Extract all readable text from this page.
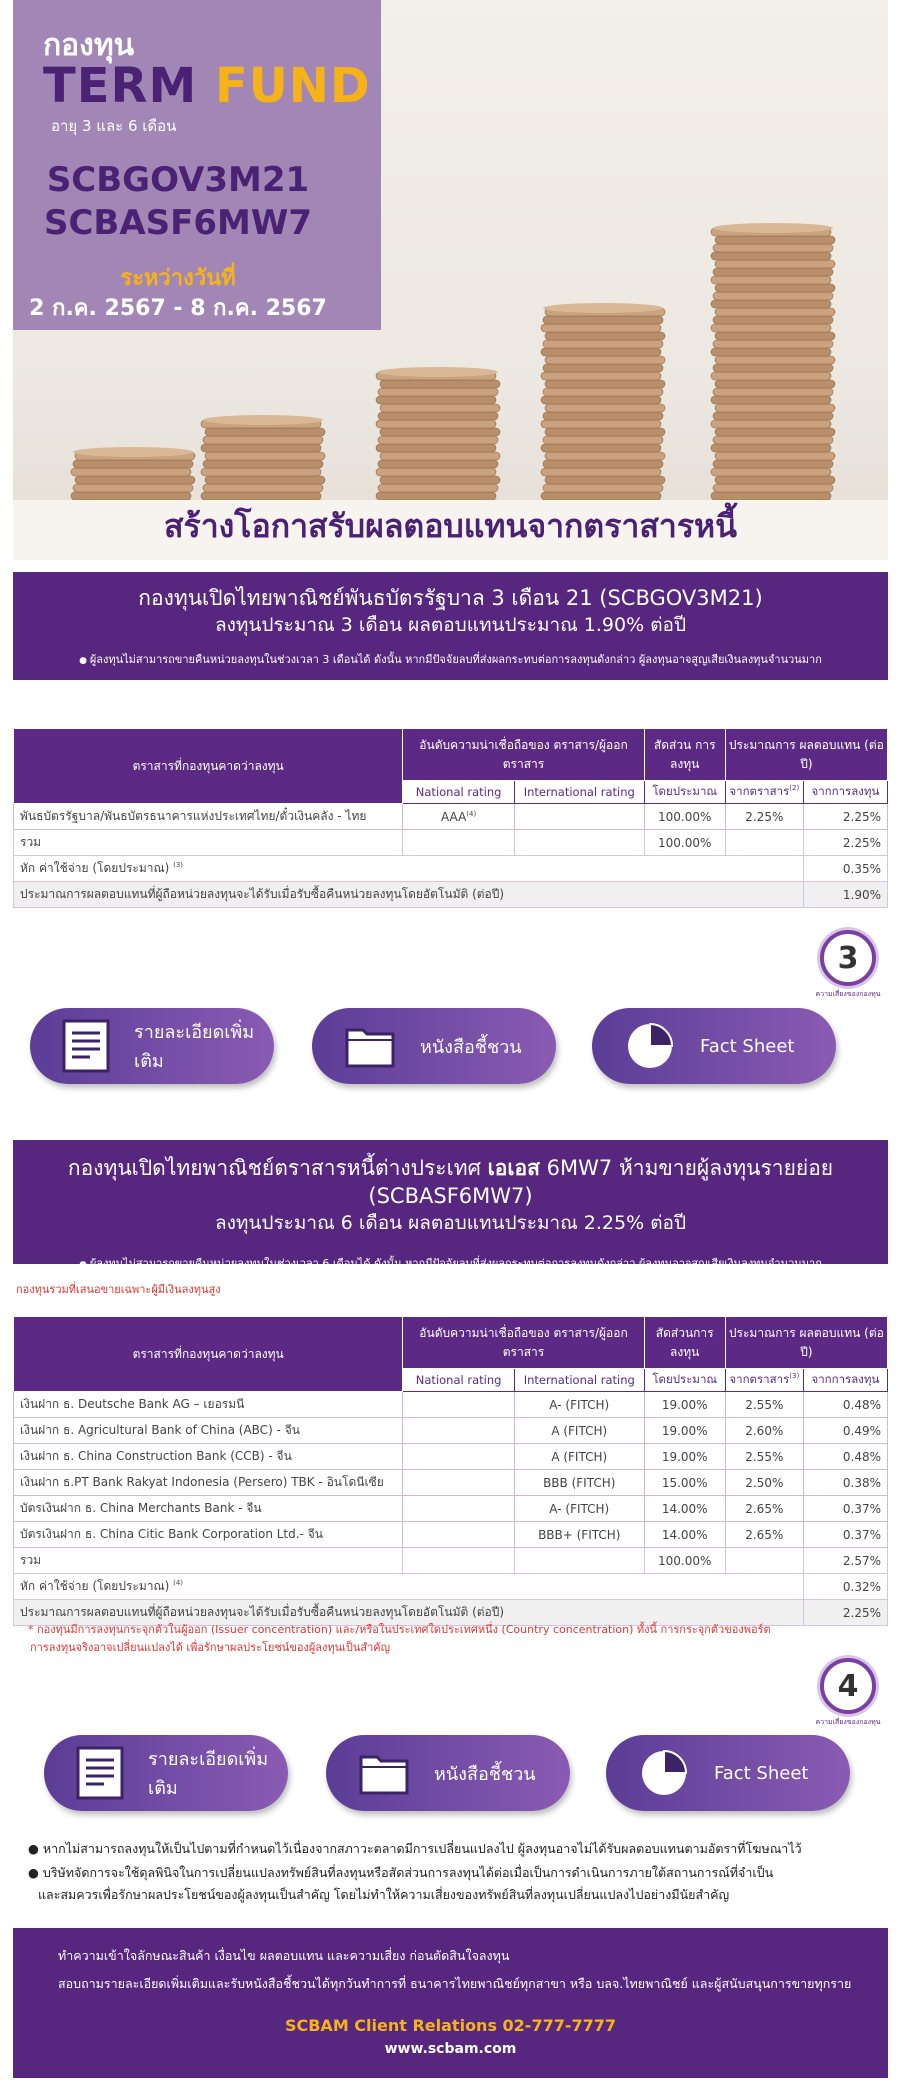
กองทุน
TERM FUND
อายุ 3 และ 6 เดือน
SCBGOV3M21
SCBASF6MW7
ระหว่างวันที่
2 ก.ค. 2567 - 8 ก.ค. 2567
สร้างโอกาสรับผลตอบแทนจากตราสารหนี้
กองทุนเปิดไทยพาณิชย์พันธบัตรรัฐบาล 3 เดือน 21 (SCBGOV3M21)
ลงทุนประมาณ 3 เดือน ผลตอบแทนประมาณ 1.90% ต่อปี
● ผู้ลงทุนไม่สามารถขายคืนหน่วยลงทุนในช่วงเวลา 3 เดือนได้ ดังนั้น หากมีปัจจัยลบที่ส่งผลกระทบต่อการลงทุนดังกล่าว ผู้ลงทุนอาจสูญเสียเงินลงทุนจำนวนมาก
ตราสารที่กองทุนคาดว่าลงทุน	อันดับความน่าเชื่อถือของ ตราสาร/ผู้ออกตราสาร		สัดส่วน การลงทุน	ประมาณการ ผลตอบแทน (ต่อปี)	
	National rating	International rating	โดยประมาณ	จากตราสาร$^{(2)}$	จากการลงทุน
พันธบัตรรัฐบาล/พันธบัตรธนาคารแห่งประเทศไทย/ตั๋วเงินคลัง - ไทย	AAA$^{(4)}$		100.00%	2.25%	2.25%
รวม			100.00%		2.25%
หัก ค่าใช้จ่าย (โดยประมาณ) $^{(3)}$					0.35%
ประมาณการผลตอบแทนที่ผู้ถือหน่วยลงทุนจะได้รับเมื่อรับซื้อคืนหน่วยลงทุนโดยอัตโนมัติ (ต่อปี)					1.90%
3
ความเสี่ยงของกองทุน
รายละเอียดเพิ่มเติม
หนังสือชี้ชวน	Fact Sheet
กองทุนเปิดไทยพาณิชย์ตราสารหนี้ต่างประเทศ เอเอส 6MW7 ห้ามขายผู้ลงทุนรายย่อย (SCBASF6MW7)
ลงทุนประมาณ 6 เดือน ผลตอบแทนประมาณ 2.25% ต่อปี
● ผู้ลงทุนไม่สามารถขายคืนหน่วยลงทุนในช่วงเวลา 6 เดือนได้ ดังนั้น หากมีปัจจัยลบที่ส่งผลกระทบต่อการลงทุนดังกล่าว ผู้ลงทุนอาจสูญเสียเงินลงทุนจำนวนมาก
กองทุนรวมที่เสนอขายเฉพาะผู้มีเงินลงทุนสูง
ตราสารที่กองทุนคาดว่าลงทุน	อันดับความน่าเชื่อถือของ ตราสาร/ผู้ออกตราสาร		สัดส่วนการ ลงทุน	ประมาณการ ผลตอบแทน (ต่อปี)	
	National rating	International rating	โดยประมาณ	จากตราสาร$^{(3)}$	จากการลงทุน
เงินฝาก ธ. Deutsche Bank AG – เยอรมนี		A- (FITCH)	19.00%	2.55%	0.48%
เงินฝาก ธ. Agricultural Bank of China (ABC) - จีน		A (FITCH)	19.00%	2.60%	0.49%
เงินฝาก ธ. China Construction Bank (CCB) - จีน		A (FITCH)	19.00%	2.55%	0.48%
เงินฝาก ธ.PT Bank Rakyat Indonesia (Persero) TBK - อินโดนีเซีย		BBB (FITCH)	15.00%	2.50%	0.38%
บัตรเงินฝาก ธ. China Merchants Bank - จีน		A- (FITCH)	14.00%	2.65%	0.37%
บัตรเงินฝาก ธ. China Citic Bank Corporation Ltd.- จีน		BBB+ (FITCH)	14.00%	2.65%	0.37%
รวม			100.00%		2.57%
หัก ค่าใช้จ่าย (โดยประมาณ) $^{(4)}$					0.32%
ประมาณการผลตอบแทนที่ผู้ถือหน่วยลงทุนจะได้รับเมื่อรับซื้อคืนหน่วยลงทุนโดยอัตโนมัติ (ต่อปี)					2.25%
* กองทุนมีการลงทุนกระจุกตัวในผู้ออก (Issuer concentration) และ/หรือในประเทศใดประเทศหนึ่ง (Country concentration) ทั้งนี้ การกระจุกตัวของพอร์ต
การลงทุนจริงอาจเปลี่ยนแปลงได้ เพื่อรักษาผลประโยชน์ของผู้ลงทุนเป็นสำคัญ
4
ความเสี่ยงของกองทุน
รายละเอียดเพิ่มเติม
หนังสือชี้ชวน	Fact Sheet
● หากไม่สามารถลงทุนให้เป็นไปตามที่กำหนดไว้เนื่องจากสภาวะตลาดมีการเปลี่ยนแปลงไป ผู้ลงทุนอาจไม่ได้รับผลตอบแทนตามอัตราที่โฆษณาไว้
● บริษัทจัดการจะใช้ดุลพินิจในการเปลี่ยนแปลงทรัพย์สินที่ลงทุนหรือสัดส่วนการลงทุนได้ต่อเมื่อเป็นการดำเนินการภายใต้สถานการณ์ที่จำเป็น
และสมควรเพื่อรักษาผลประโยชน์ของผู้ลงทุนเป็นสำคัญ โดยไม่ทำให้ความเสี่ยงของทรัพย์สินที่ลงทุนเปลี่ยนแปลงไปอย่างมีนัยสำคัญ
ทำความเข้าใจลักษณะสินค้า เงื่อนไข ผลตอบแทน และความเสี่ยง ก่อนตัดสินใจลงทุน
สอบถามรายละเอียดเพิ่มเติมและรับหนังสือชี้ชวนได้ทุกวันทำการที่ ธนาคารไทยพาณิชย์ทุกสาขา หรือ บลจ.ไทยพาณิชย์ และผู้สนับสนุนการขายทุกราย
SCBAM Client Relations 02-777-7777
www.scbam.com
